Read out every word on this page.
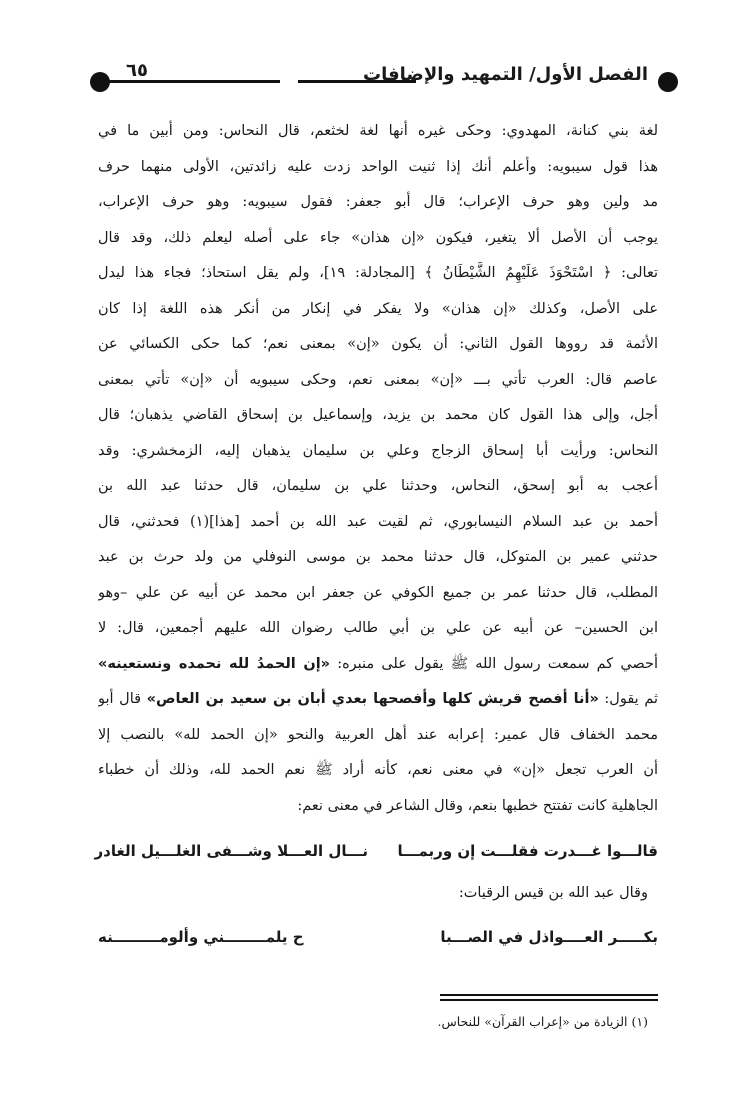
٦٥	الفصل الأول/ التمهيد والإضافات
لغة بني كنانة، المهدوي: وحكى غيره أنها لغة لخثعم، قال النحاس: ومن أبين ما في
هذا قول سيبويه: وأعلم أنك إذا ثنيت الواحد زدت عليه زائدتين، الأولى منهما حرف
مد ولين وهو حرف الإعراب؛ قال أبو جعفر: فقول سيبويه: وهو حرف الإعراب،
يوجب أن الأصل ألا يتغير، فيكون «إن هذان» جاء على أصله ليعلم ذلك، وقد قال
تعالى: ﴿ اسْتَحْوَذَ عَلَيْهِمُ الشَّيْطَانُ ﴾ [المجادلة: ١٩]، ولم يقل استحاذ؛ فجاء هذا ليدل
على الأصل، وكذلك «إن هذان» ولا يفكر في إنكار من أنكر هذه اللغة إذا كان
الأئمة قد رووها القول الثاني: أن يكون «إن» بمعنى نعم؛ كما حكى الكسائي عن
عاصم قال: العرب تأتي بـــ «إن» بمعنى نعم، وحكى سيبويه أن «إن» تأتي بمعنى
أجل، وإلى هذا القول كان محمد بن يزيد، وإسماعيل بن إسحاق القاضي يذهبان؛ قال
النحاس: ورأيت أبا إسحاق الزجاج وعلي بن سليمان يذهبان إليه، الزمخشري: وقد
أعجب به أبو إسحق، النحاس، وحدثنا علي بن سليمان، قال حدثنا عبد الله بن
أحمد بن عبد السلام النيسابوري، ثم لقيت عبد الله بن أحمد [هذا](١) فحدثني، قال
حدثني عمير بن المتوكل، قال حدثنا محمد بن موسى النوفلي من ولد حرث بن عبد
المطلب، قال حدثنا عمر بن جميع الكوفي عن جعفر ابن محمد عن أبيه عن علي –وهو
ابن الحسين– عن أبيه عن علي بن أبي طالب رضوان الله عليهم أجمعين، قال: لا
أحصي كم سمعت رسول الله ﷺ يقول على منبره: «إن الحمدُ لله نحمده ونستعينه»
ثم يقول: «أنا أفصح قريش كلها وأفصحها بعدي أبان بن سعيد بن العاص» قال أبو
محمد الخفاف قال عمير: إعرابه عند أهل العربية والنحو «إن الحمد لله» بالنصب إلا
أن العرب تجعل «إن» في معنى نعم، كأنه أراد ﷺ نعم الحمد لله، وذلك أن خطباء
الجاهلية كانت تفتتح خطبها بنعم، وقال الشاعر في معنى نعم:
قالـــوا غـــدرت فقلـــت إن وربمـــا
نـــال العـــلا وشـــفى الغلـــيل الغادر
وقال عبد الله بن قيس الرقيات:
بكـــــر العــــواذل في الصـــبا
ح يلمــــــــني وألومـــــــــنه
(١) الزيادة من «إعراب القرآن» للنحاس.
